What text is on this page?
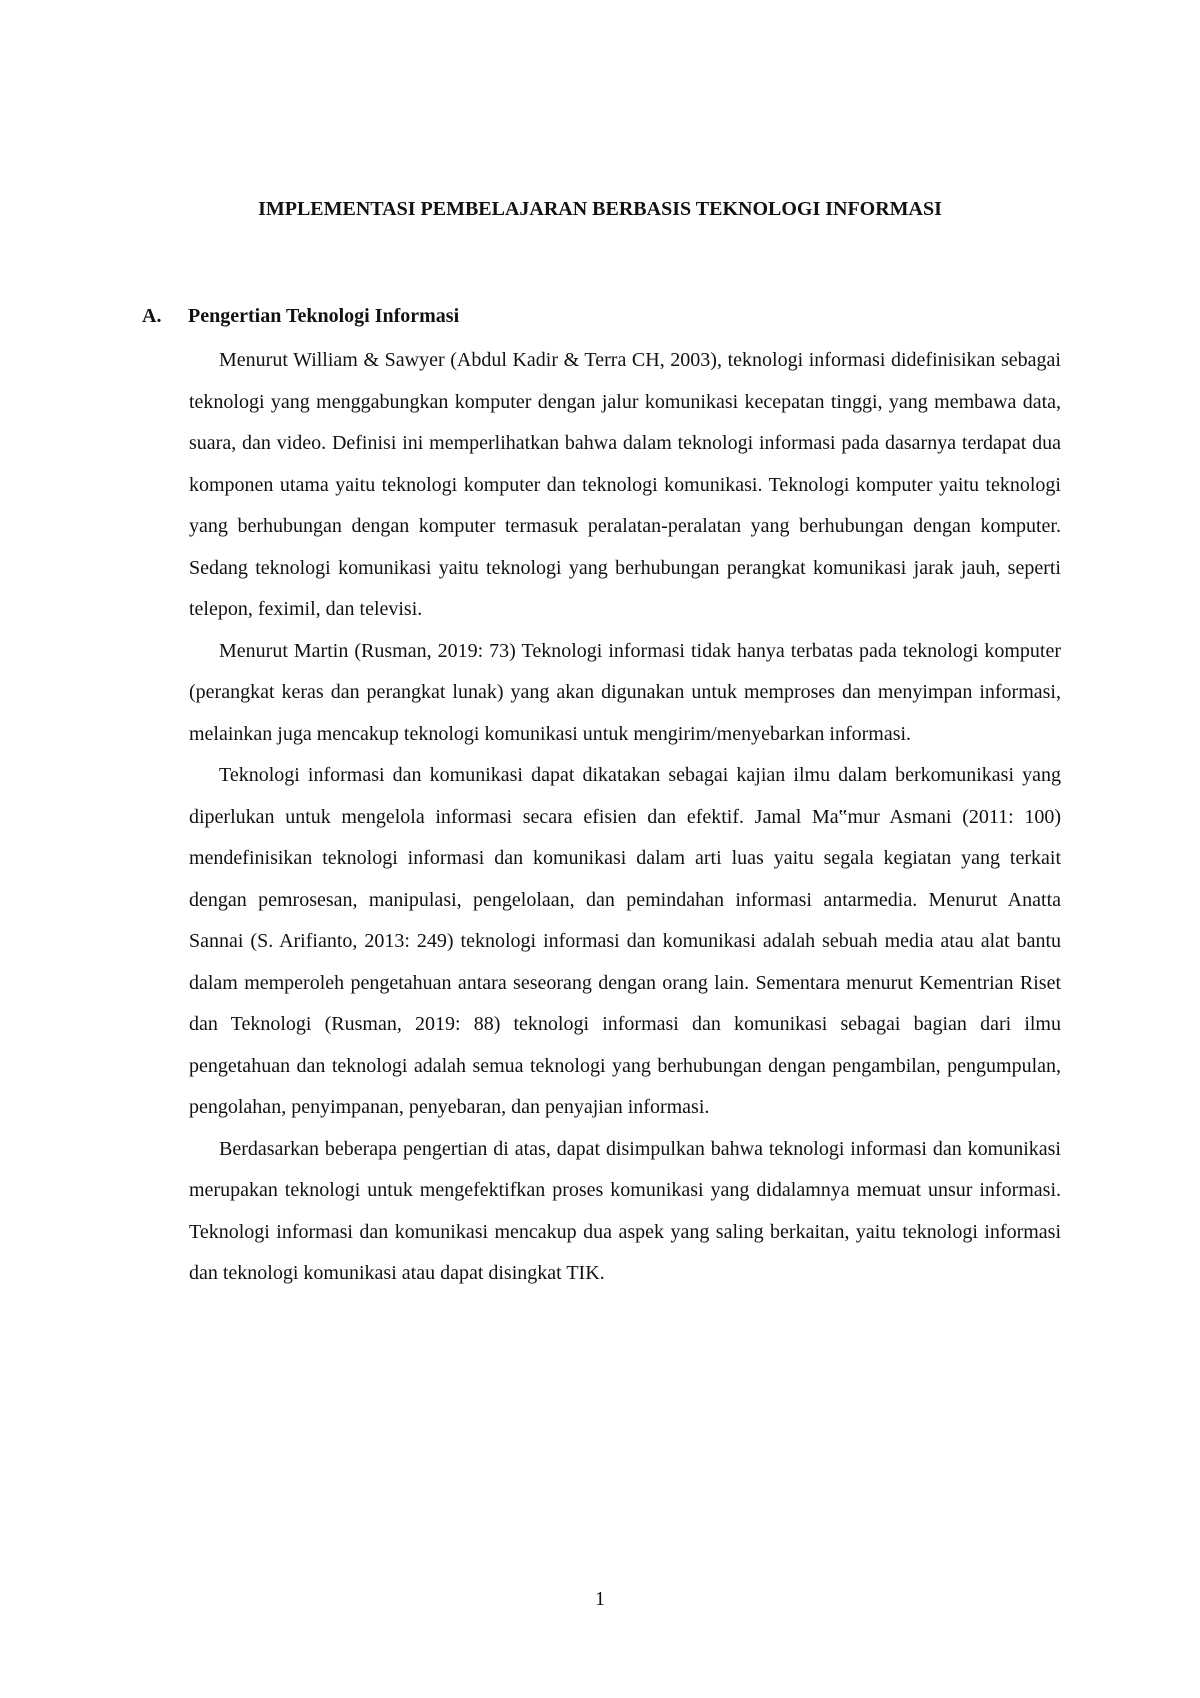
IMPLEMENTASI PEMBELAJARAN BERBASIS TEKNOLOGI INFORMASI
A. Pengertian Teknologi Informasi

Menurut William & Sawyer (Abdul Kadir & Terra CH, 2003), teknologi informasi didefinisikan sebagai teknologi yang menggabungkan komputer dengan jalur komunikasi kecepatan tinggi, yang membawa data, suara, dan video. Definisi ini memperlihatkan bahwa dalam teknologi informasi pada dasarnya terdapat dua komponen utama yaitu teknologi komputer dan teknologi komunikasi. Teknologi komputer yaitu teknologi yang berhubungan dengan komputer termasuk peralatan-peralatan yang berhubungan dengan komputer. Sedang teknologi komunikasi yaitu teknologi yang berhubungan perangkat komunikasi jarak jauh, seperti telepon, feximil, dan televisi.

Menurut Martin (Rusman, 2019: 73) Teknologi informasi tidak hanya terbatas pada teknologi komputer (perangkat keras dan perangkat lunak) yang akan digunakan untuk memproses dan menyimpan informasi, melainkan juga mencakup teknologi komunikasi untuk mengirim/menyebarkan informasi.

Teknologi informasi dan komunikasi dapat dikatakan sebagai kajian ilmu dalam berkomunikasi yang diperlukan untuk mengelola informasi secara efisien dan efektif. Jamal Ma‟mur Asmani (2011: 100) mendefinisikan teknologi informasi dan komunikasi dalam arti luas yaitu segala kegiatan yang terkait dengan pemrosesan, manipulasi, pengelolaan, dan pemindahan informasi antarmedia. Menurut Anatta Sannai (S. Arifianto, 2013: 249) teknologi informasi dan komunikasi adalah sebuah media atau alat bantu dalam memperoleh pengetahuan antara seseorang dengan orang lain. Sementara menurut Kementrian Riset dan Teknologi (Rusman, 2019: 88) teknologi informasi dan komunikasi sebagai bagian dari ilmu pengetahuan dan teknologi adalah semua teknologi yang berhubungan dengan pengambilan, pengumpulan, pengolahan, penyimpanan, penyebaran, dan penyajian informasi.

Berdasarkan beberapa pengertian di atas, dapat disimpulkan bahwa teknologi informasi dan komunikasi merupakan teknologi untuk mengefektifkan proses komunikasi yang didalamnya memuat unsur informasi. Teknologi informasi dan komunikasi mencakup dua aspek yang saling berkaitan, yaitu teknologi informasi dan teknologi komunikasi atau dapat disingkat TIK.

1
